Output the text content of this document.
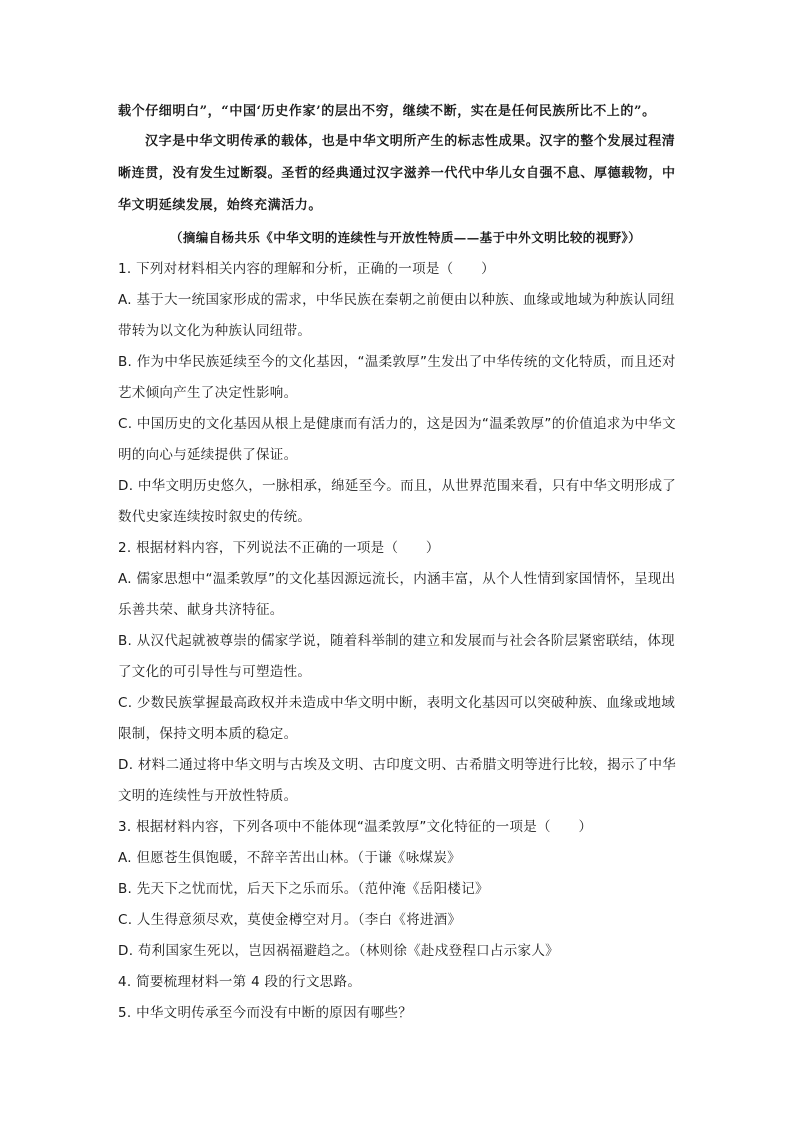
载个仔细明白”，“中国‘历史作家’的层出不穷，继续不断，实在是任何民族所比不上的”。
汉字是中华文明传承的载体，也是中华文明所产生的标志性成果。汉字的整个发展过程清晰连贯，没有发生过断裂。圣哲的经典通过汉字滋养一代代中华儿女自强不息、厚德载物，中华文明延续发展，始终充满活力。
（摘编自杨共乐《中华文明的连续性与开放性特质——基于中外文明比较的视野》）
1. 下列对材料相关内容的理解和分析，正确的一项是（　　）
A. 基于大一统国家形成的需求，中华民族在秦朝之前便由以种族、血缘或地域为种族认同纽带转为以文化为种族认同纽带。
B. 作为中华民族延续至今的文化基因，“温柔敦厚”生发出了中华传统的文化特质，而且还对艺术倾向产生了决定性影响。
C. 中国历史的文化基因从根上是健康而有活力的，这是因为“温柔敦厚”的价值追求为中华文明的向心与延续提供了保证。
D. 中华文明历史悠久，一脉相承，绵延至今。而且，从世界范围来看，只有中华文明形成了数代史家连续按时叙史的传统。
2. 根据材料内容，下列说法不正确的一项是（　　）
A. 儒家思想中“温柔敦厚”的文化基因源远流长，内涵丰富，从个人性情到家国情怀，呈现出乐善共荣、献身共济特征。
B. 从汉代起就被尊崇的儒家学说，随着科举制的建立和发展而与社会各阶层紧密联结，体现了文化的可引导性与可塑造性。
C. 少数民族掌握最高政权并未造成中华文明中断，表明文化基因可以突破种族、血缘或地域限制，保持文明本质的稳定。
D. 材料二通过将中华文明与古埃及文明、古印度文明、古希腊文明等进行比较，揭示了中华文明的连续性与开放性特质。
3. 根据材料内容，下列各项中不能体现“温柔敦厚”文化特征的一项是（　　）
A. 但愿苍生俱饱暖，不辞辛苦出山林。（于谦《咏煤炭》
B. 先天下之忧而忧，后天下之乐而乐。（范仲淹《岳阳楼记》
C. 人生得意须尽欢，莫使金樽空对月。（李白《将进酒》
D. 苟利国家生死以，岂因祸福避趋之。（林则徐《赴戍登程口占示家人》
4. 简要梳理材料一第 4 段的行文思路。
5. 中华文明传承至今而没有中断的原因有哪些？
